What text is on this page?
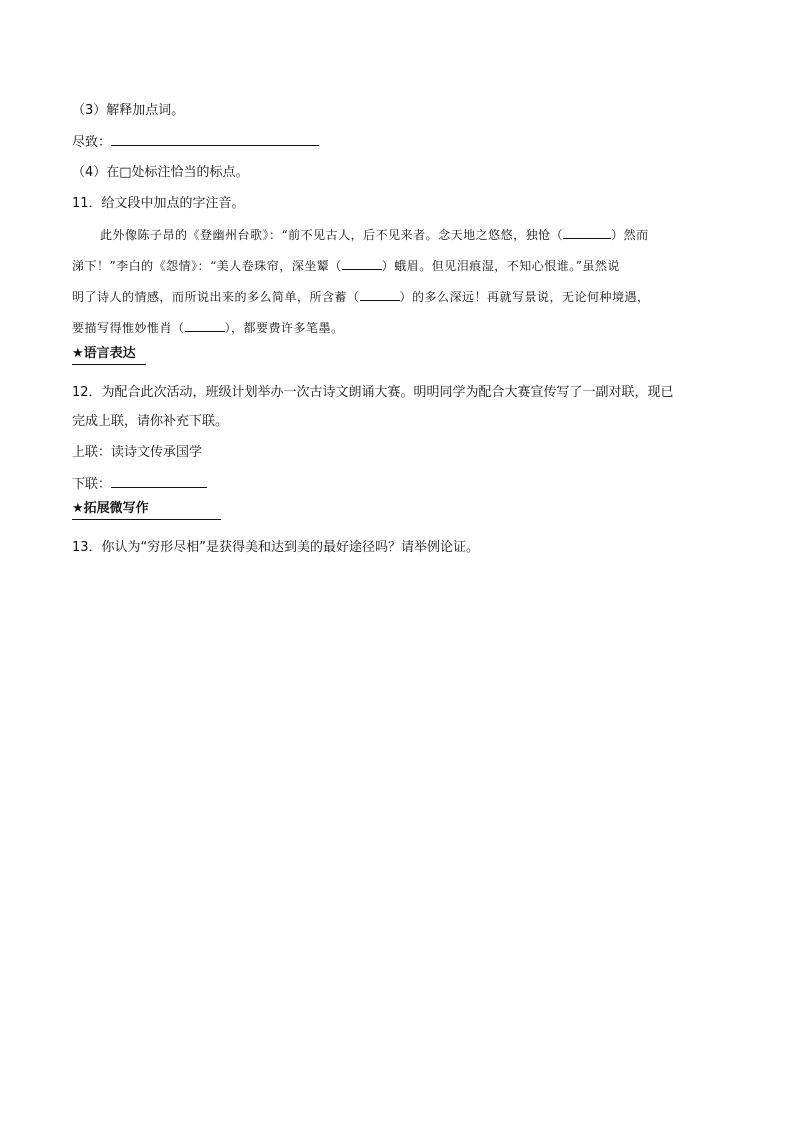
（3）解释加点词。
尽致：
（4）在□处标注恰当的标点。
11．给文段中加点的字注音。
此外像陈子昂的《登幽州台歌》：“前不见古人，后不见来者。念天地之悠悠，独怆（	）然而
涕下！”李白的《怨情》：“美人卷珠帘，深坐颦（	）蛾眉。但见泪痕湿，不知心恨谁。”虽然说
明了诗人的情感，而所说出来的多么简单，所含蓄（	）的多么深远！再就写景说，无论何种境遇，
要描写得惟妙惟肖（	），都要费许多笔墨。
★语言表达
12．为配合此次活动，班级计划举办一次古诗文朗诵大赛。明明同学为配合大赛宣传写了一副对联，现已
完成上联，请你补充下联。
上联：读诗文传承国学
下联：
★拓展微写作
13．你认为“穷形尽相”是获得美和达到美的最好途径吗？请举例论证。
